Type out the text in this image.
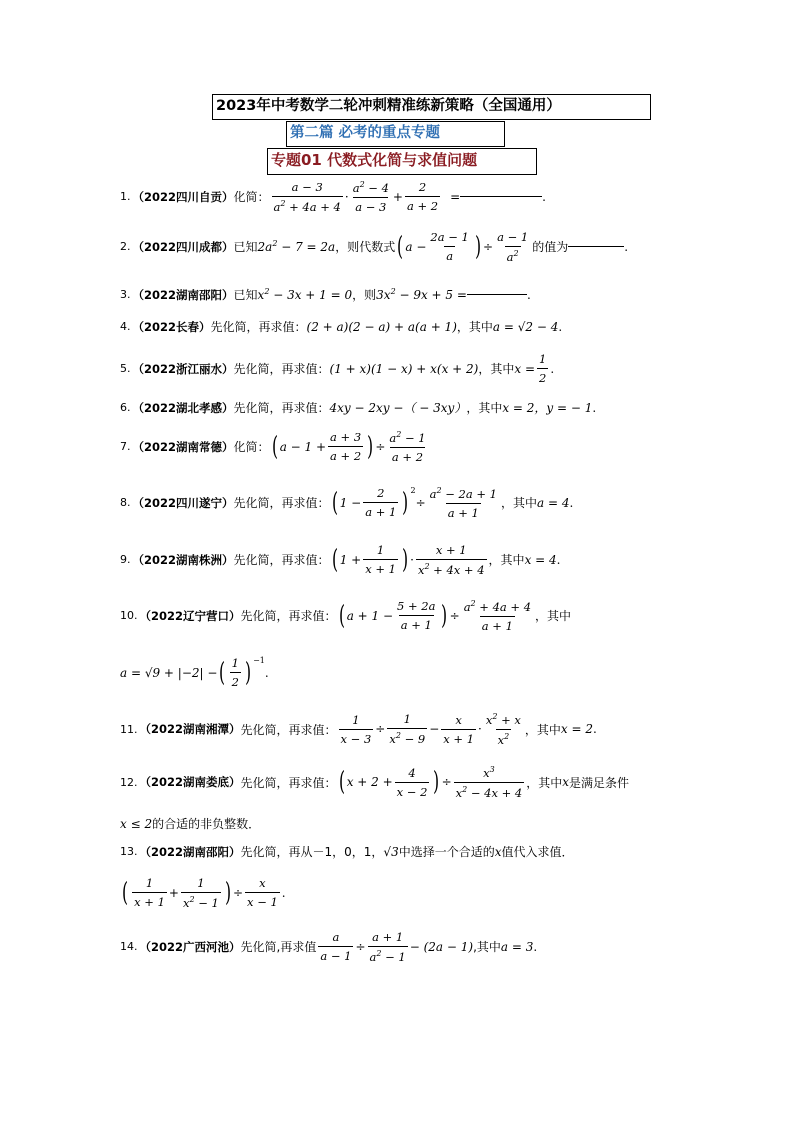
2023年中考数学二轮冲刺精准练新策略（全国通用）
第二篇 必考的重点专题
专题01 代数式化简与求值问题
1. （2022四川自贡） 化简： $\frac{a - 3}{a^2 + 4a + 4} \cdot \frac{a^2 - 4}{a - 3} + \frac{2}{a + 2}$ =	.
2. （2022四川成都） 已知 $2a^2 - 7 = 2a$ ，则代数式 ( $a - \frac{2a - 1}{a}$ ) ÷ $\frac{a - 1}{a^2}$ 的值为	.
3. （2022湖南邵阳） 已知 $x^2 - 3x + 1 = 0$ ，则 $3x^2 - 9x + 5$ =	.
4. （2022长春） 先化简，再求值： (2 + a)(2 − a) + a(a + 1) ，其中 a = √2 − 4 .
5. （2022浙江丽水） 先化简，再求值： (1 + x)(1 − x) + x(x + 2) ，其中 $x = \frac{1}{2}$ .
6. （2022湖北孝感） 先化简，再求值： 4xy − 2xy −（ − 3xy） ，其中 x = 2，y = − 1 .
7. （2022湖南常德） 化简： ( $a - 1 + \frac{a + 3}{a + 2}$ ) ÷ $\frac{a^2 - 1}{a + 2}$
8. （2022四川遂宁） 先化简，再求值： ( $1 - \frac{2}{a + 1}$ ) $^2$
÷ $\frac{a^2 - 2a + 1}{a + 1}$ ，其中 a = 4 .
9. （2022湖南株洲） 先化简，再求值： ( $1 + \frac{1}{x + 1}$ ) · $\frac{x + 1}{x^2 + 4x + 4}$ ，其中 x = 4 .
10. （2022辽宁营口） 先化简，再求值： ( $a + 1 - \frac{5 + 2a}{a + 1}$ ) ÷ $\frac{a^2 + 4a + 4}{a + 1}$ ，其中
a = √9 + |−2| − ( $\frac{1}{2}$ ) $^{-1}$
.
11. （2022湖南湘潭） 先化简，再求值： $\frac{1}{x - 3} \div \frac{1}{x^2 - 9} - \frac{x}{x + 1} \cdot \frac{x^2 + x}{x^2}$ ，其中 x = 2 .
12. （2022湖南娄底） 先化简，再求值： ( $x + 2 + \frac{4}{x - 2}$ ) ÷ $\frac{x^3}{x^2 - 4x + 4}$ ，其中 x 是满足条件
x ≤ 2 的合适的非负整数．
13. （2022湖南邵阳） 先化简，再从－1，0，1， √3 中选择一个合适的 x 值代入求值．
( $\frac{1}{x + 1} + \frac{1}{x^2 - 1}$ ) ÷ $\frac{x}{x - 1}$ .
14. （2022广西河池） 先化简,再求值 $\frac{a}{a - 1} \div \frac{a + 1}{a^2 - 1} - (2a - 1)$ ,其中 a = 3 .
